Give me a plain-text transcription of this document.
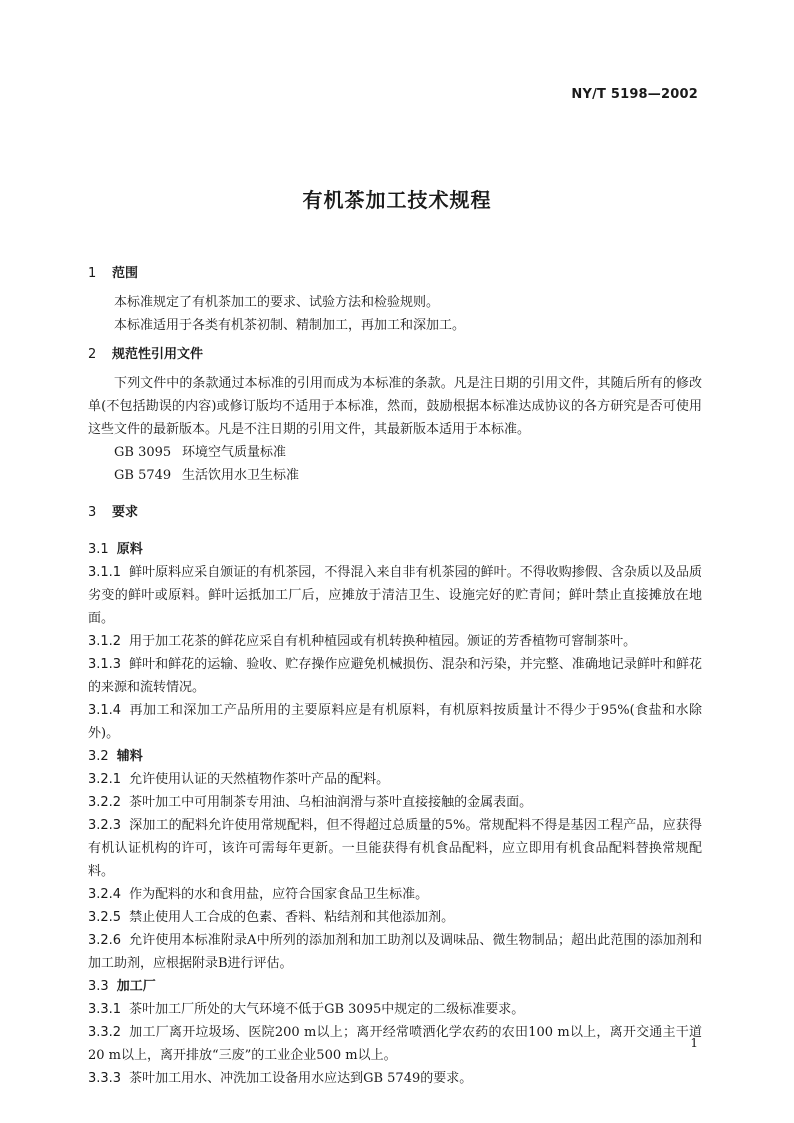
NY/T 5198—2002
有机茶加工技术规程
1 范围
本标准规定了有机茶加工的要求、试验方法和检验规则。
本标准适用于各类有机茶初制、精制加工，再加工和深加工。
2 规范性引用文件
下列文件中的条款通过本标准的引用而成为本标准的条款。凡是注日期的引用文件，其随后所有的修改单(不包括勘误的内容)或修订版均不适用于本标准，然而，鼓励根据本标准达成协议的各方研究是否可使用这些文件的最新版本。凡是不注日期的引用文件，其最新版本适用于本标准。
GB 3095 环境空气质量标准
GB 5749 生活饮用水卫生标准
3 要求
3.1 原料
3.1.1 鲜叶原料应采自颁证的有机茶园，不得混入来自非有机茶园的鲜叶。不得收购掺假、含杂质以及品质劣变的鲜叶或原料。鲜叶运抵加工厂后，应摊放于清洁卫生、设施完好的贮青间；鲜叶禁止直接摊放在地面。
3.1.2 用于加工花茶的鲜花应采自有机种植园或有机转换种植园。颁证的芳香植物可窨制茶叶。
3.1.3 鲜叶和鲜花的运输、验收、贮存操作应避免机械损伤、混杂和污染，并完整、准确地记录鲜叶和鲜花的来源和流转情况。
3.1.4 再加工和深加工产品所用的主要原料应是有机原料，有机原料按质量计不得少于95%(食盐和水除外)。
3.2 辅料
3.2.1 允许使用认证的天然植物作茶叶产品的配料。
3.2.2 茶叶加工中可用制茶专用油、乌桕油润滑与茶叶直接接触的金属表面。
3.2.3 深加工的配料允许使用常规配料，但不得超过总质量的5%。常规配料不得是基因工程产品，应获得有机认证机构的许可，该许可需每年更新。一旦能获得有机食品配料，应立即用有机食品配料替换常规配料。
3.2.4 作为配料的水和食用盐，应符合国家食品卫生标准。
3.2.5 禁止使用人工合成的色素、香料、粘结剂和其他添加剂。
3.2.6 允许使用本标准附录A中所列的添加剂和加工助剂以及调味品、微生物制品；超出此范围的添加剂和加工助剂，应根据附录B进行评估。
3.3 加工厂
3.3.1 茶叶加工厂所处的大气环境不低于GB 3095中规定的二级标准要求。
3.3.2 加工厂离开垃圾场、医院200 m以上；离开经常喷洒化学农药的农田100 m以上，离开交通主干道20 m以上，离开排放“三废”的工业企业500 m以上。
3.3.3 茶叶加工用水、冲洗加工设备用水应达到GB 5749的要求。
1
